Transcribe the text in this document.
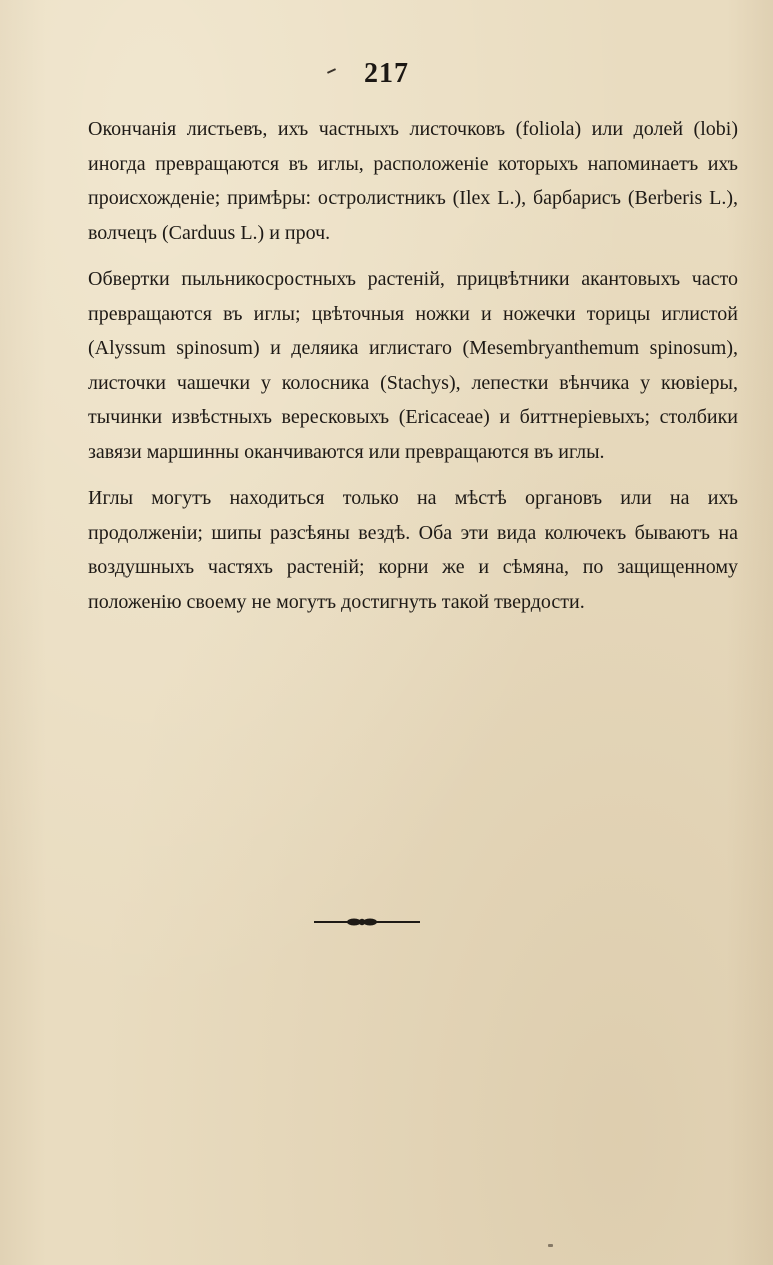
217

Окончанія листьевъ, ихъ частныхъ листочковъ (foliola) или долей (lobi) иногда превращаются въ иглы, расположеніе которыхъ напоминаетъ ихъ происхожденіе; примѣры: остролистникъ (Ilex L.), барбарисъ (Berberis L.), волчецъ (Carduus L.) и проч.

Обвертки пыльникосростныхъ растеній, прицвѣтники акантовыхъ часто превращаются въ иглы; цвѣточныя ножки и ножечки торицы иглистой (Alyssum spinosum) и деляика иглистаго (Mesembryanthemum spinosum), листочки чашечки у колосника (Stachys), лепестки вѣнчика у кювіеры, тычинки извѣстныхъ вересковыхъ (Ericaceae) и биттнеріевыхъ; столбики завязи маршинны оканчиваются или превращаются въ иглы.

Иглы могутъ находиться только на мѣстѣ органовъ или на ихъ продолженіи; шипы разсѣяны вездѣ. Оба эти вида колючекъ бываютъ на воздушныхъ частяхъ растеній; корни же и сѣмяна, по защищенному положенію своему не могутъ достигнуть такой твердости.
